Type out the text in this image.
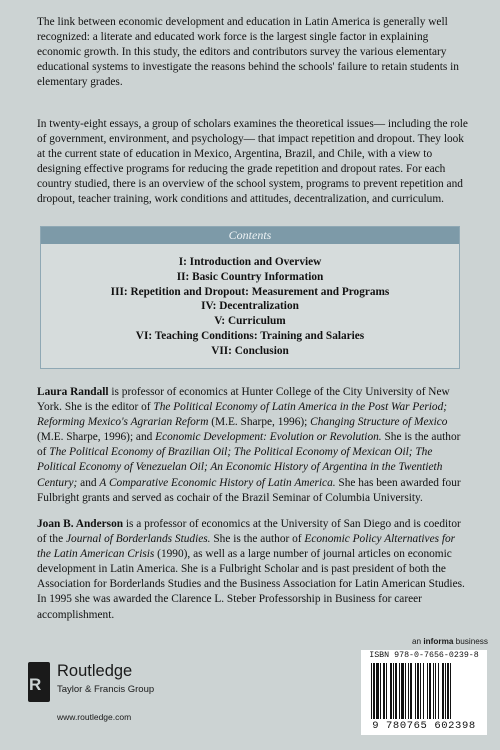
The link between economic development and education in Latin America is generally well recognized: a literate and educated work force is the largest single factor in explaining economic growth. In this study, the editors and contributors survey the various elementary educational systems to investigate the reasons behind the schools' failure to retain students in elementary grades.

In twenty-eight essays, a group of scholars examines the theoretical issues— including the role of government, environment, and psychology— that impact repetition and dropout. They look at the current state of education in Mexico, Argentina, Brazil, and Chile, with a view to designing effective programs for reducing the grade repetition and dropout rates. For each country studied, there is an overview of the school system, programs to prevent repetition and dropout, teacher training, work conditions and attitudes, decentralization, and curriculum.

Contents
I: Introduction and Overview
II: Basic Country Information
III: Repetition and Dropout: Measurement and Programs
IV: Decentralization
V: Curriculum
VI: Teaching Conditions: Training and Salaries
VII: Conclusion

Laura Randall is professor of economics at Hunter College of the City University of New York. She is the editor of The Political Economy of Latin America in the Post War Period; Reforming Mexico's Agrarian Reform (M.E. Sharpe, 1996); Changing Structure of Mexico (M.E. Sharpe, 1996); and Economic Development: Evolution or Revolution. She is the author of The Political Economy of Brazilian Oil; The Political Economy of Mexican Oil; The Political Economy of Venezuelan Oil; An Economic History of Argentina in the Twentieth Century; and A Comparative Economic History of Latin America. She has been awarded four Fulbright grants and served as cochair of the Brazil Seminar of Columbia University.

Joan B. Anderson is a professor of economics at the University of San Diego and is coeditor of the Journal of Borderlands Studies. She is the author of Economic Policy Alternatives for the Latin American Crisis (1990), as well as a large number of journal articles on economic development in Latin America. She is a Fulbright Scholar and is past president of both the Association for Borderlands Studies and the Business Association for Latin American Studies. In 1995 she was awarded the Clarence L. Steber Professorship in Business for career accomplishment.

an informa business
R
Routledge
Taylor & Francis Group
www.routledge.com
ISBN 978-0-7656-0239-8
9 780765 602398
